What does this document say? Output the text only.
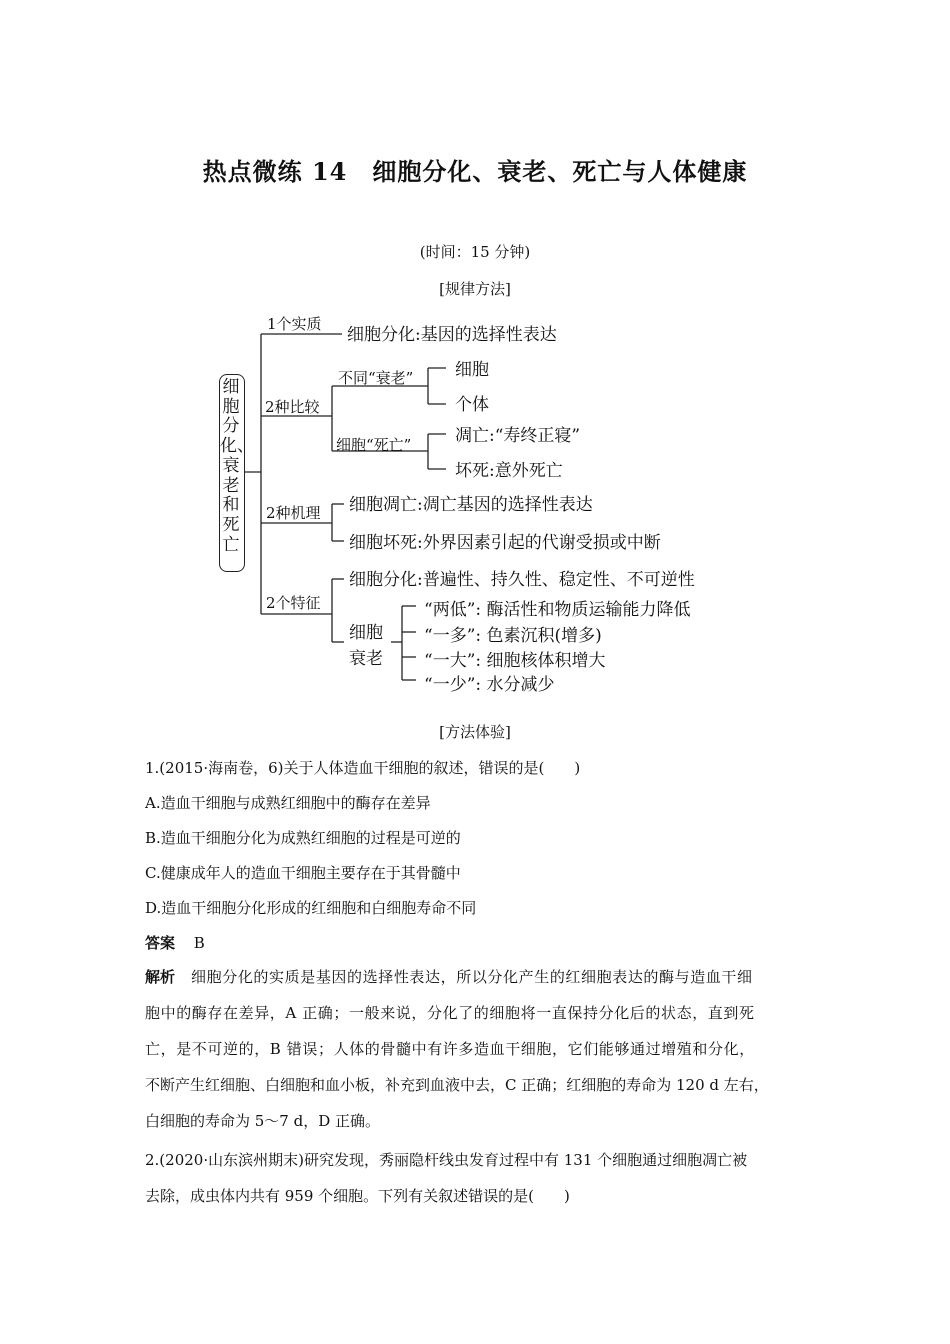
热点微练 14　细胞分化、衰老、死亡与人体健康
(时间：15 分钟)
[规律方法]
细胞分化、衰老和死亡
1个实质
细胞分化:基因的选择性表达
2种比较
不同“衰老” 细胞
个体
细胞“死亡”	凋亡:“寿终正寝”
坏死:意外死亡
2种机理 细胞凋亡:凋亡基因的选择性表达
细胞坏死:外界因素引起的代谢受损或中断
2个特征
细胞分化:普遍性、持久性、稳定性、不可逆性
细胞
衰老
“两低”: 酶活性和物质运输能力降低
“一多”: 色素沉积(增多)
“一大”: 细胞核体积增大
“一少”: 水分减少
[方法体验]
1.(2015·海南卷，6)关于人体造血干细胞的叙述，错误的是(　　)
A.造血干细胞与成熟红细胞中的酶存在差异
B.造血干细胞分化为成熟红细胞的过程是可逆的
C.健康成年人的造血干细胞主要存在于其骨髓中
D.造血干细胞分化形成的红细胞和白细胞寿命不同
答案 B
解析 细胞分化的实质是基因的选择性表达，所以分化产生的红细胞表达的酶与造血干细
胞中的酶存在差异，A 正确；一般来说，分化了的细胞将一直保持分化后的状态，直到死
亡，是不可逆的，B 错误；人体的骨髓中有许多造血干细胞，它们能够通过增殖和分化，
不断产生红细胞、白细胞和血小板，补充到血液中去，C 正确；红细胞的寿命为 120 d 左右，
白细胞的寿命为 5～7 d，D 正确。
2.(2020·山东滨州期末)研究发现，秀丽隐杆线虫发育过程中有 131 个细胞通过细胞凋亡被
去除，成虫体内共有 959 个细胞。下列有关叙述错误的是(　　)
